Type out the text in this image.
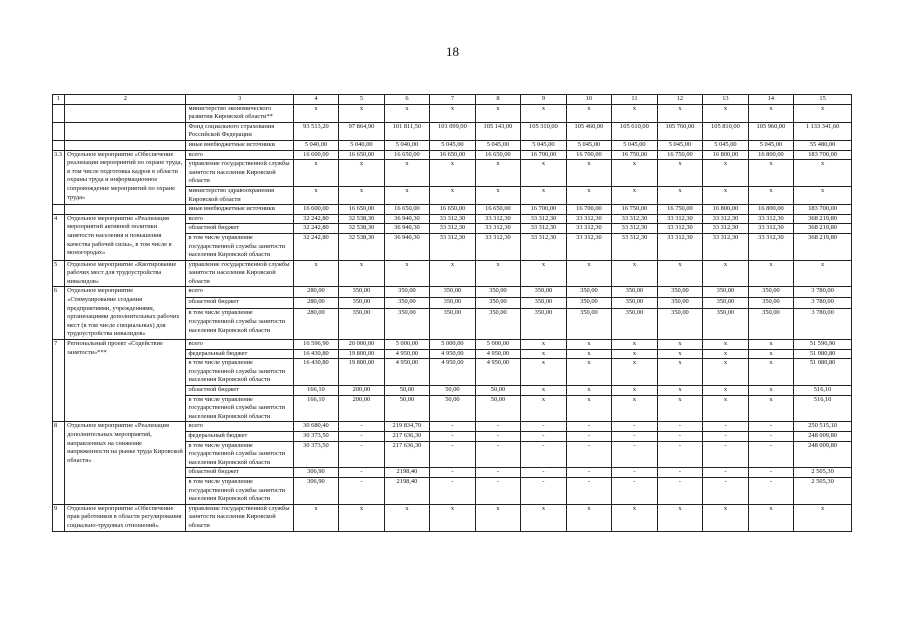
18
1	2	3	4	5	6	7	8	9	10	11	12	13	14	15
		министерство экономического развития Кировской области**	x	x	x	x	x	x	x	x	x	x	x	x
		Фонд социального страхования Российской Федерации	93 513,20	97 864,90	101 811,50	101 099,00	105 143,00	105 310,00	105 460,00	105 610,00	105 760,00	105 810,00	105 960,00	1 133 341,60
		иные внебюджетные источники	5 040,00	5 040,00	5 040,00	5 045,00	5 045,00	5 045,00	5 045,00	5 045,00	5 045,00	5 045,00	5 045,00	55 480,00
3.3	Отдельное мероприятие «Обеспечение реализации мероприятий по охране труда, в том числе подготовка кадров в области охраны труда и информационное сопровождение мероприятий по охране труда»	всего	16 600,00	16 650,00	16 650,00	16 650,00	16 650,00	16 700,00	16 700,00	16 750,00	16 750,00	16 800,00	16 800,00	183 700,00
		управление государственной службы занятости населения Кировской области	x	x	x	x	x	x	x	x	x	x	x	x
		министерство здравоохранения Кировской области	x	x	x	x	x	x	x	x	x	x	x	x
		иные внебюджетные источники	16 600,00	16 650,00	16 650,00	16 650,00	16 650,00	16 700,00	16 700,00	16 750,00	16 750,00	16 800,00	16 800,00	183 700,00
4	Отдельное мероприятие «Реализация мероприятий активной политики занятости населения и повышения качества рабочей силы», в том числе в моногородах»	всего	32 242,80	32 538,30	36 940,30	33 312,30	33 312,30	33 312,30	33 312,30	33 312,30	33 312,30	33 312,30	33 312,30	368 219,80
		областной бюджет	32 242,80	32 538,30	36 940,30	33 312,30	33 312,30	33 312,30	33 312,30	33 312,30	33 312,30	33 312,30	33 312,30	368 219,80
		в том числе управление государственной службы занятости населения Кировской области	32 242,80	32 538,30	36 940,30	33 312,30	33 312,30	33 312,30	33 312,30	33 312,30	33 312,30	33 312,30	33 312,30	368 219,80
5	Отдельное мероприятие «Квотирование рабочих мест для трудоустройства инвалидов»	управление государственной службы занятости населения Кировской области	x	x	x	x	x	x	x	x	x	x	x	x
6	Отдельное мероприятие «Стимулирование создания предприятиями, учреждениями, организациями дополнительных рабочих мест (в том числе специальных) для трудоустройства инвалидов»	всего	280,00	350,00	350,00	350,00	350,00	350,00	350,00	350,00	350,00	350,00	350,00	3 780,00
		областной бюджет	280,00	350,00	350,00	350,00	350,00	350,00	350,00	350,00	350,00	350,00	350,00	3 780,00
		в том числе управление государственной службы занятости населения Кировской области	280,00	350,00	350,00	350,00	350,00	350,00	350,00	350,00	350,00	350,00	350,00	3 780,00
7	Региональный проект «Содействие занятости»***	всего	16 596,90	20 000,00	5 000,00	5 000,00	5 000,00	x	x	x	x	x	x	51 596,90
		федеральный бюджет	16 430,80	19 800,00	4 950,00	4 950,00	4 950,00	x	x	x	x	x	x	51 080,80
		в том числе управление государственной службы занятости населения Кировской области	16 430,80	19 800,00	4 950,00	4 950,00	4 950,00	x	x	x	x	x	x	51 080,80
		областной бюджет	166,10	200,00	50,00	50,00	50,00	x	x	x	x	x	x	516,10
		в том числе управление государственной службы занятости населения Кировской области	166,10	200,00	50,00	50,00	50,00	x	x	x	x	x	x	516,10
8	Отдельное мероприятие «Реализация дополнительных мероприятий, направленных на снижение напряженности на рынке труда Кировской области»	всего	30 680,40	-	219 834,70	-	-	-	-	-	-	-	-	250 515,10
		федеральный бюджет	30 373,50	-	217 636,30	-	-	-	-	-	-	-	-	248 009,80
		в том числе управление государственной службы занятости населения Кировской области	30 373,50	-	217 636,30	-	-	-	-	-	-	-	-	248 009,80
		областной бюджет	306,90	-	2198,40	-	-	-	-	-	-	-	-	2 505,30
		в том числе управление государственной службы занятости населения Кировской области	306,90	-	2198,40	-	-	-	-	-	-	-	-	2 505,30
9	Отдельное мероприятие «Обеспечение прав работников в области регулирования социально-трудовых отношений»	управление государственной службы занятости населения Кировской области	x	x	x	x	x	x	x	x	x	x	x	x
